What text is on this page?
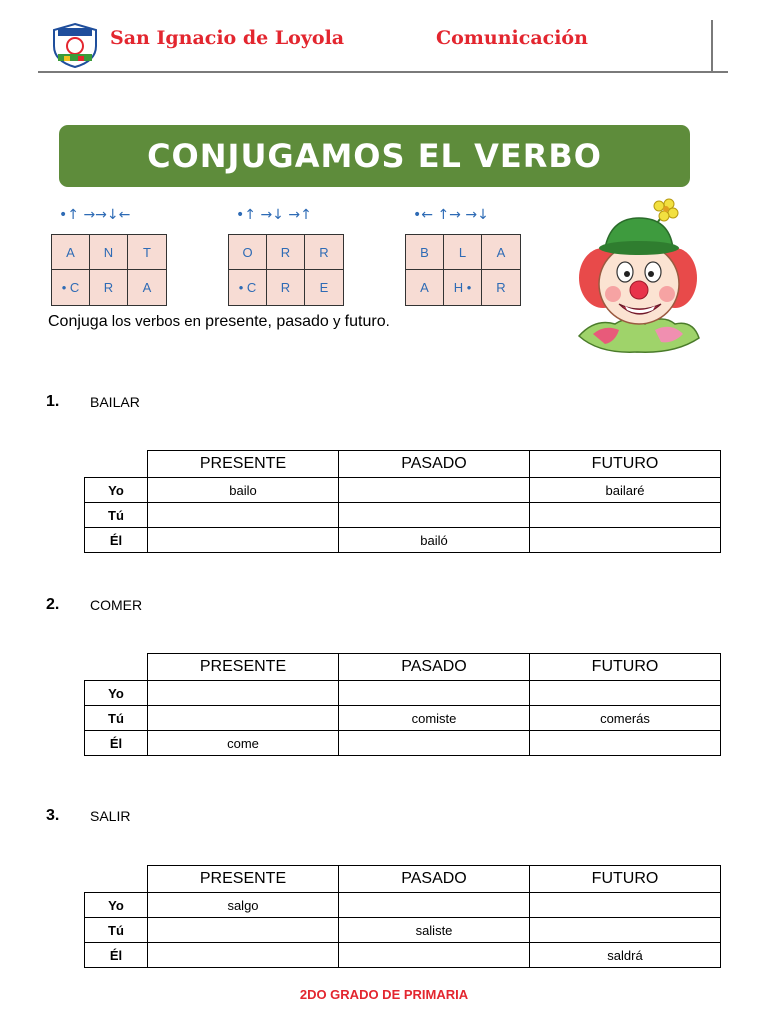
San Ignacio de Loyola	Comunicación
CONJUGAMOS EL VERBO
•↑ →→↓←
A	N	T
• C	R	A
•↑ →↓ →↑
O	R	R
• C	R	E
•← ↑→ →↓
B	L	A
A	H •	R
Conjuga los verbos en presente, pasado y futuro.
1. BAILAR
	PRESENTE	PASADO	FUTURO
Yo	bailo		bailaré
Tú			
Él		bailó	
2. COMER
	PRESENTE	PASADO	FUTURO
Yo			
Tú		comiste	comerás
Él	come		
3. SALIR
	PRESENTE	PASADO	FUTURO
Yo	salgo		
Tú		saliste	
Él			saldrá
2DO GRADO DE PRIMARIA
